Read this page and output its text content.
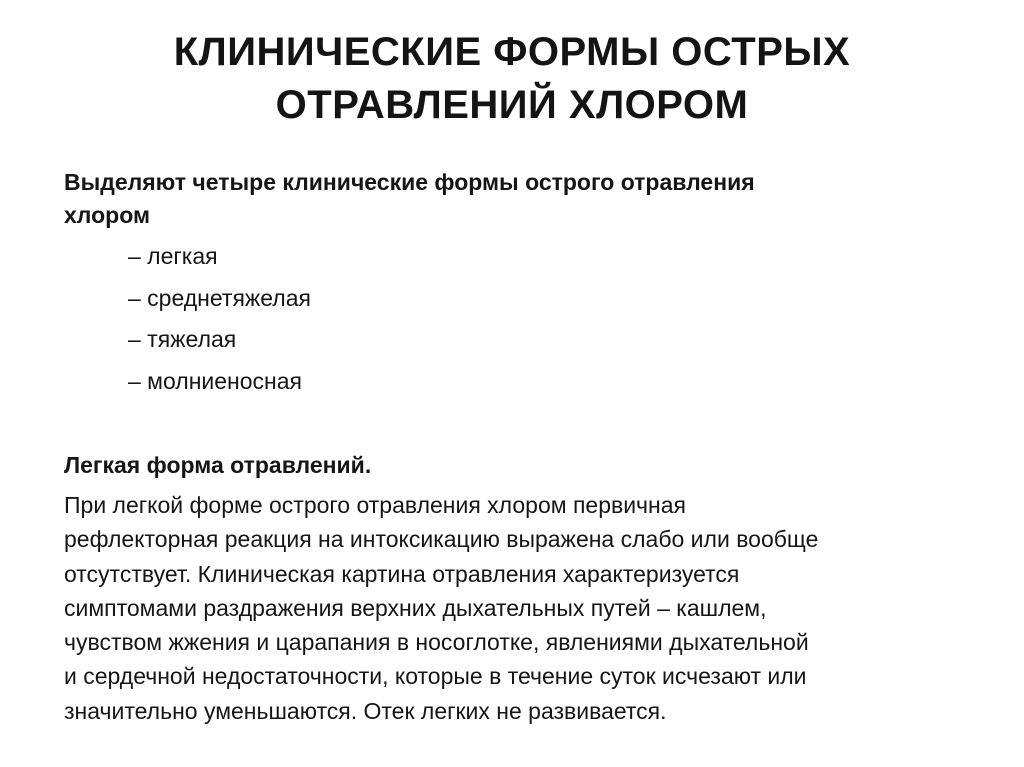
КЛИНИЧЕСКИЕ ФОРМЫ ОСТРЫХ
ОТРАВЛЕНИЙ ХЛОРОМ

Выделяют четыре клинические формы острого отравления
хлором

– легкая
– среднетяжелая
– тяжелая
– молниеносная
Легкая форма отравлений.

При легкой форме острого отравления хлором первичная
рефлекторная реакция на интоксикацию выражена слабо или вообще
отсутствует. Клиническая картина отравления характеризуется
симптомами раздражения верхних дыхательных путей – кашлем,
чувством жжения и царапания в носоглотке, явлениями дыхательной
и сердечной недостаточности, которые в течение суток исчезают или
значительно уменьшаются. Отек легких не развивается.
